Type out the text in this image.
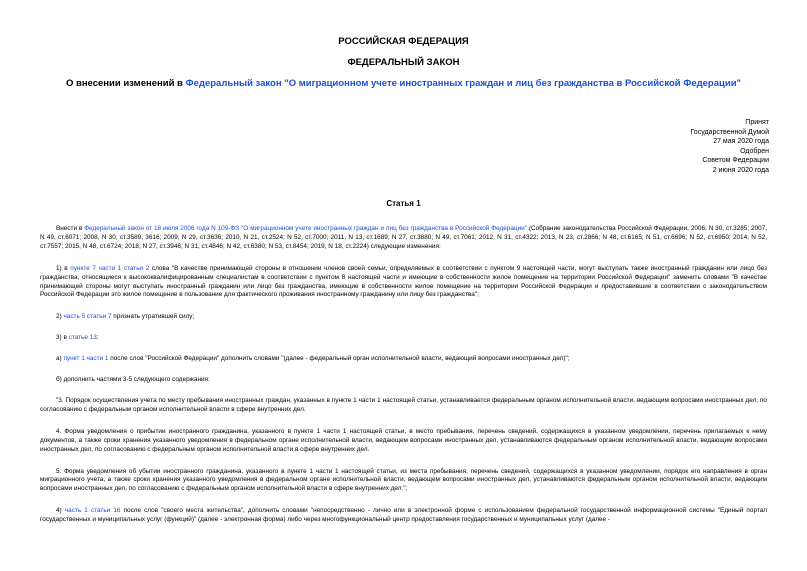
РОССИЙСКАЯ ФЕДЕРАЦИЯ
ФЕДЕРАЛЬНЫЙ ЗАКОН
О внесении изменений в Федеральный закон "О миграционном учете иностранных граждан и лиц без гражданства в Российской Федерации"
Принят
Государственной Думой
27 мая 2020 года
Одобрен
Советом Федерации
2 июня 2020 года
Статья 1

Внести в Федеральный закон от 18 июля 2006 года N 109-ФЗ "О миграционном учете иностранных граждан и лиц без гражданства в Российской Федерации" (Собрание законодательства Российской Федерации, 2006, N 30, ст.3285; 2007, N 49, ст.6071; 2008, N 30, ст.3589, 3616; 2009, N 29, ст.3636; 2010, N 21, ст.2524; N 52, ст.7000; 2011, N 13, ст.1689; N 27, ст.3880; N 49, ст.7061; 2012, N 31, ст.4322; 2013, N 23, ст.2866; N 48, ст.6165; N 51, ст.6696; N 52, ст.6950; 2014, N 52, ст.7557; 2015, N 48, ст.6724; 2018, N 27, ст.3946; N 31, ст.4846; N 42, ст.6380; N 53, ст.8454; 2019, N 18, ст.2224) следующие изменения:

1) в пункте 7 части 1 статьи 2 слова "В качестве принимающей стороны в отношении членов своей семьи, определяемых в соответствии с пунктом 9 настоящей части, могут выступать также иностранный гражданин или лицо без гражданства, относящиеся к высококвалифицированным специалистам в соответствии с пунктом 8 настоящей части и имеющие в собственности жилое помещение на территории Российской Федерации" заменить словами "В качестве принимающей стороны могут выступать иностранный гражданин или лицо без гражданства, имеющие в собственности жилое помещение на территории Российской Федерации и предоставившие в соответствии с законодательством Российской Федерации это жилое помещение в пользование для фактического проживания иностранному гражданину или лицу без гражданства";

2) часть 5 статьи 7 признать утратившей силу;

3) в статье 13:

а) пункт 1 части 1 после слов "Российской Федерации" дополнить словами "(далее - федеральный орган исполнительной власти, ведающий вопросами иностранных дел)";

б) дополнить частями 3-5 следующего содержания:

"3. Порядок осуществления учета по месту пребывания иностранных граждан, указанных в пункте 1 части 1 настоящей статьи, устанавливается федеральным органом исполнительной власти, ведающим вопросами иностранных дел, по согласованию с федеральным органом исполнительной власти в сфере внутренних дел.

4. Форма уведомления о прибытии иностранного гражданина, указанного в пункте 1 части 1 настоящей статьи, в место пребывания, перечень сведений, содержащихся в указанном уведомлении, перечень прилагаемых к нему документов, а также сроки хранения указанного уведомления в федеральном органе исполнительной власти, ведающем вопросами иностранных дел, устанавливаются федеральным органом исполнительной власти, ведающим вопросами иностранных дел, по согласованию с федеральным органом исполнительной власти в сфере внутренних дел.

5. Форма уведомления об убытии иностранного гражданина, указанного в пункте 1 части 1 настоящей статьи, из места пребывания, перечень сведений, содержащихся в указанном уведомлении, порядок его направления в орган миграционного учета, а также сроки хранения указанного уведомления в федеральном органе исполнительной власти, ведающем вопросами иностранных дел, устанавливаются федеральным органом исполнительной власти, ведающим вопросами иностранных дел, по согласованию с федеральным органом исполнительной власти в сфере внутренних дел.";

4) часть 1 статьи 16 после слов "своего места жительства", дополнить словами "непосредственно - лично или в электронной форме с использованием федеральной государственной информационной системы "Единый портал государственных и муниципальных услуг (функций)" (далее - электронная форма) либо через многофункциональный центр предоставления государственных и муниципальных услуг (далее -
